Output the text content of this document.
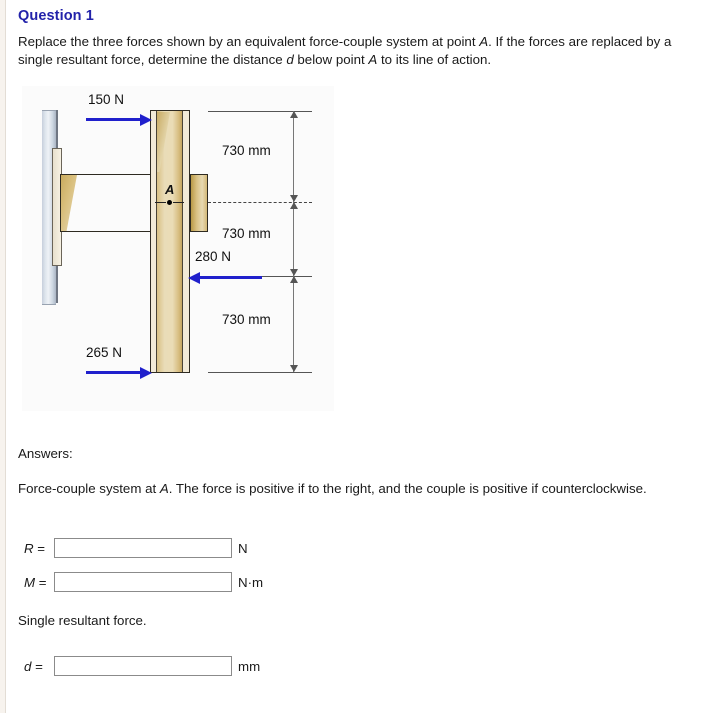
Question 1
Replace the three forces shown by an equivalent force-couple system at point A. If the forces are replaced by a single resultant force, determine the distance d below point A to its line of action.
A
150 N
280 N
265 N
730 mm
730 mm
730 mm
Answers:
Force-couple system at A. The force is positive if to the right, and the couple is positive if counterclockwise.
R =	N
M =	N·m
Single resultant force.
d =	mm
